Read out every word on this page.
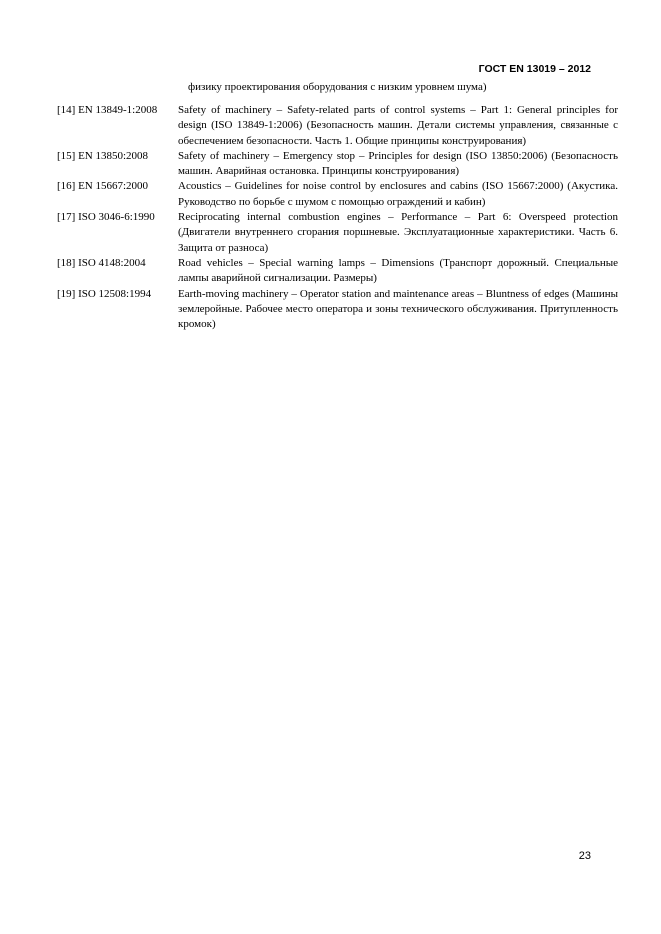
ГОСТ EN 13019 – 2012
физику проектирования оборудования с низким уровнем шума)
[14] EN 13849-1:2008	Safety of machinery – Safety-related parts of control systems – Part 1: General principles for design (ISO 13849-1:2006) (Безопасность машин. Детали системы управления, связанные с обеспечением безопасности. Часть 1. Общие принципы конструирования)
[15] EN 13850:2008	Safety of machinery – Emergency stop – Principles for design (ISO 13850:2006) (Безопасность машин. Аварийная остановка. Принципы конструирования)
[16] EN 15667:2000	Acoustics – Guidelines for noise control by enclosures and cabins (ISO 15667:2000) (Акустика. Руководство по борьбе с шумом с помощью ограждений и кабин)
[17] ISO 3046-6:1990	Reciprocating internal combustion engines – Performance – Part 6: Overspeed protection (Двигатели внутреннего сгорания поршневые. Эксплуатационные характеристики. Часть 6. Защита от разноса)
[18] ISO 4148:2004	Road vehicles – Special warning lamps – Dimensions (Транспорт дорожный. Специальные лампы аварийной сигнализации. Размеры)
[19] ISO 12508:1994	Earth-moving machinery – Operator station and maintenance areas – Bluntness of edges (Машины землеройные. Рабочее место оператора и зоны технического обслуживания. Притупленность кромок)
23
